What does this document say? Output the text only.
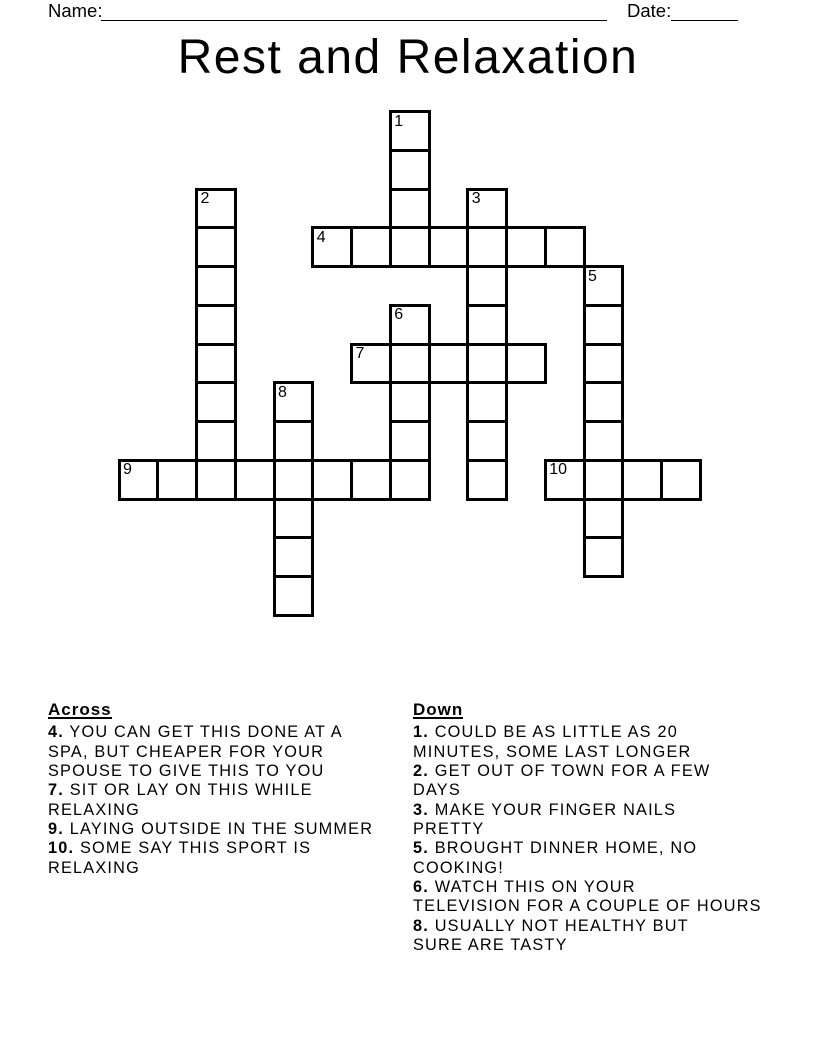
Name:	Date:
Rest and Relaxation
1
2	3
4
5
6
7
8
9	10
Across
4. YOU CAN GET THIS DONE AT A
SPA, BUT CHEAPER FOR YOUR
SPOUSE TO GIVE THIS TO YOU
7. SIT OR LAY ON THIS WHILE
RELAXING
9. LAYING OUTSIDE IN THE SUMMER
10. SOME SAY THIS SPORT IS
RELAXING
Down
1. COULD BE AS LITTLE AS 20
MINUTES, SOME LAST LONGER
2. GET OUT OF TOWN FOR A FEW
DAYS
3. MAKE YOUR FINGER NAILS
PRETTY
5. BROUGHT DINNER HOME, NO
COOKING!
6. WATCH THIS ON YOUR
TELEVISION FOR A COUPLE OF HOURS
8. USUALLY NOT HEALTHY BUT
SURE ARE TASTY
